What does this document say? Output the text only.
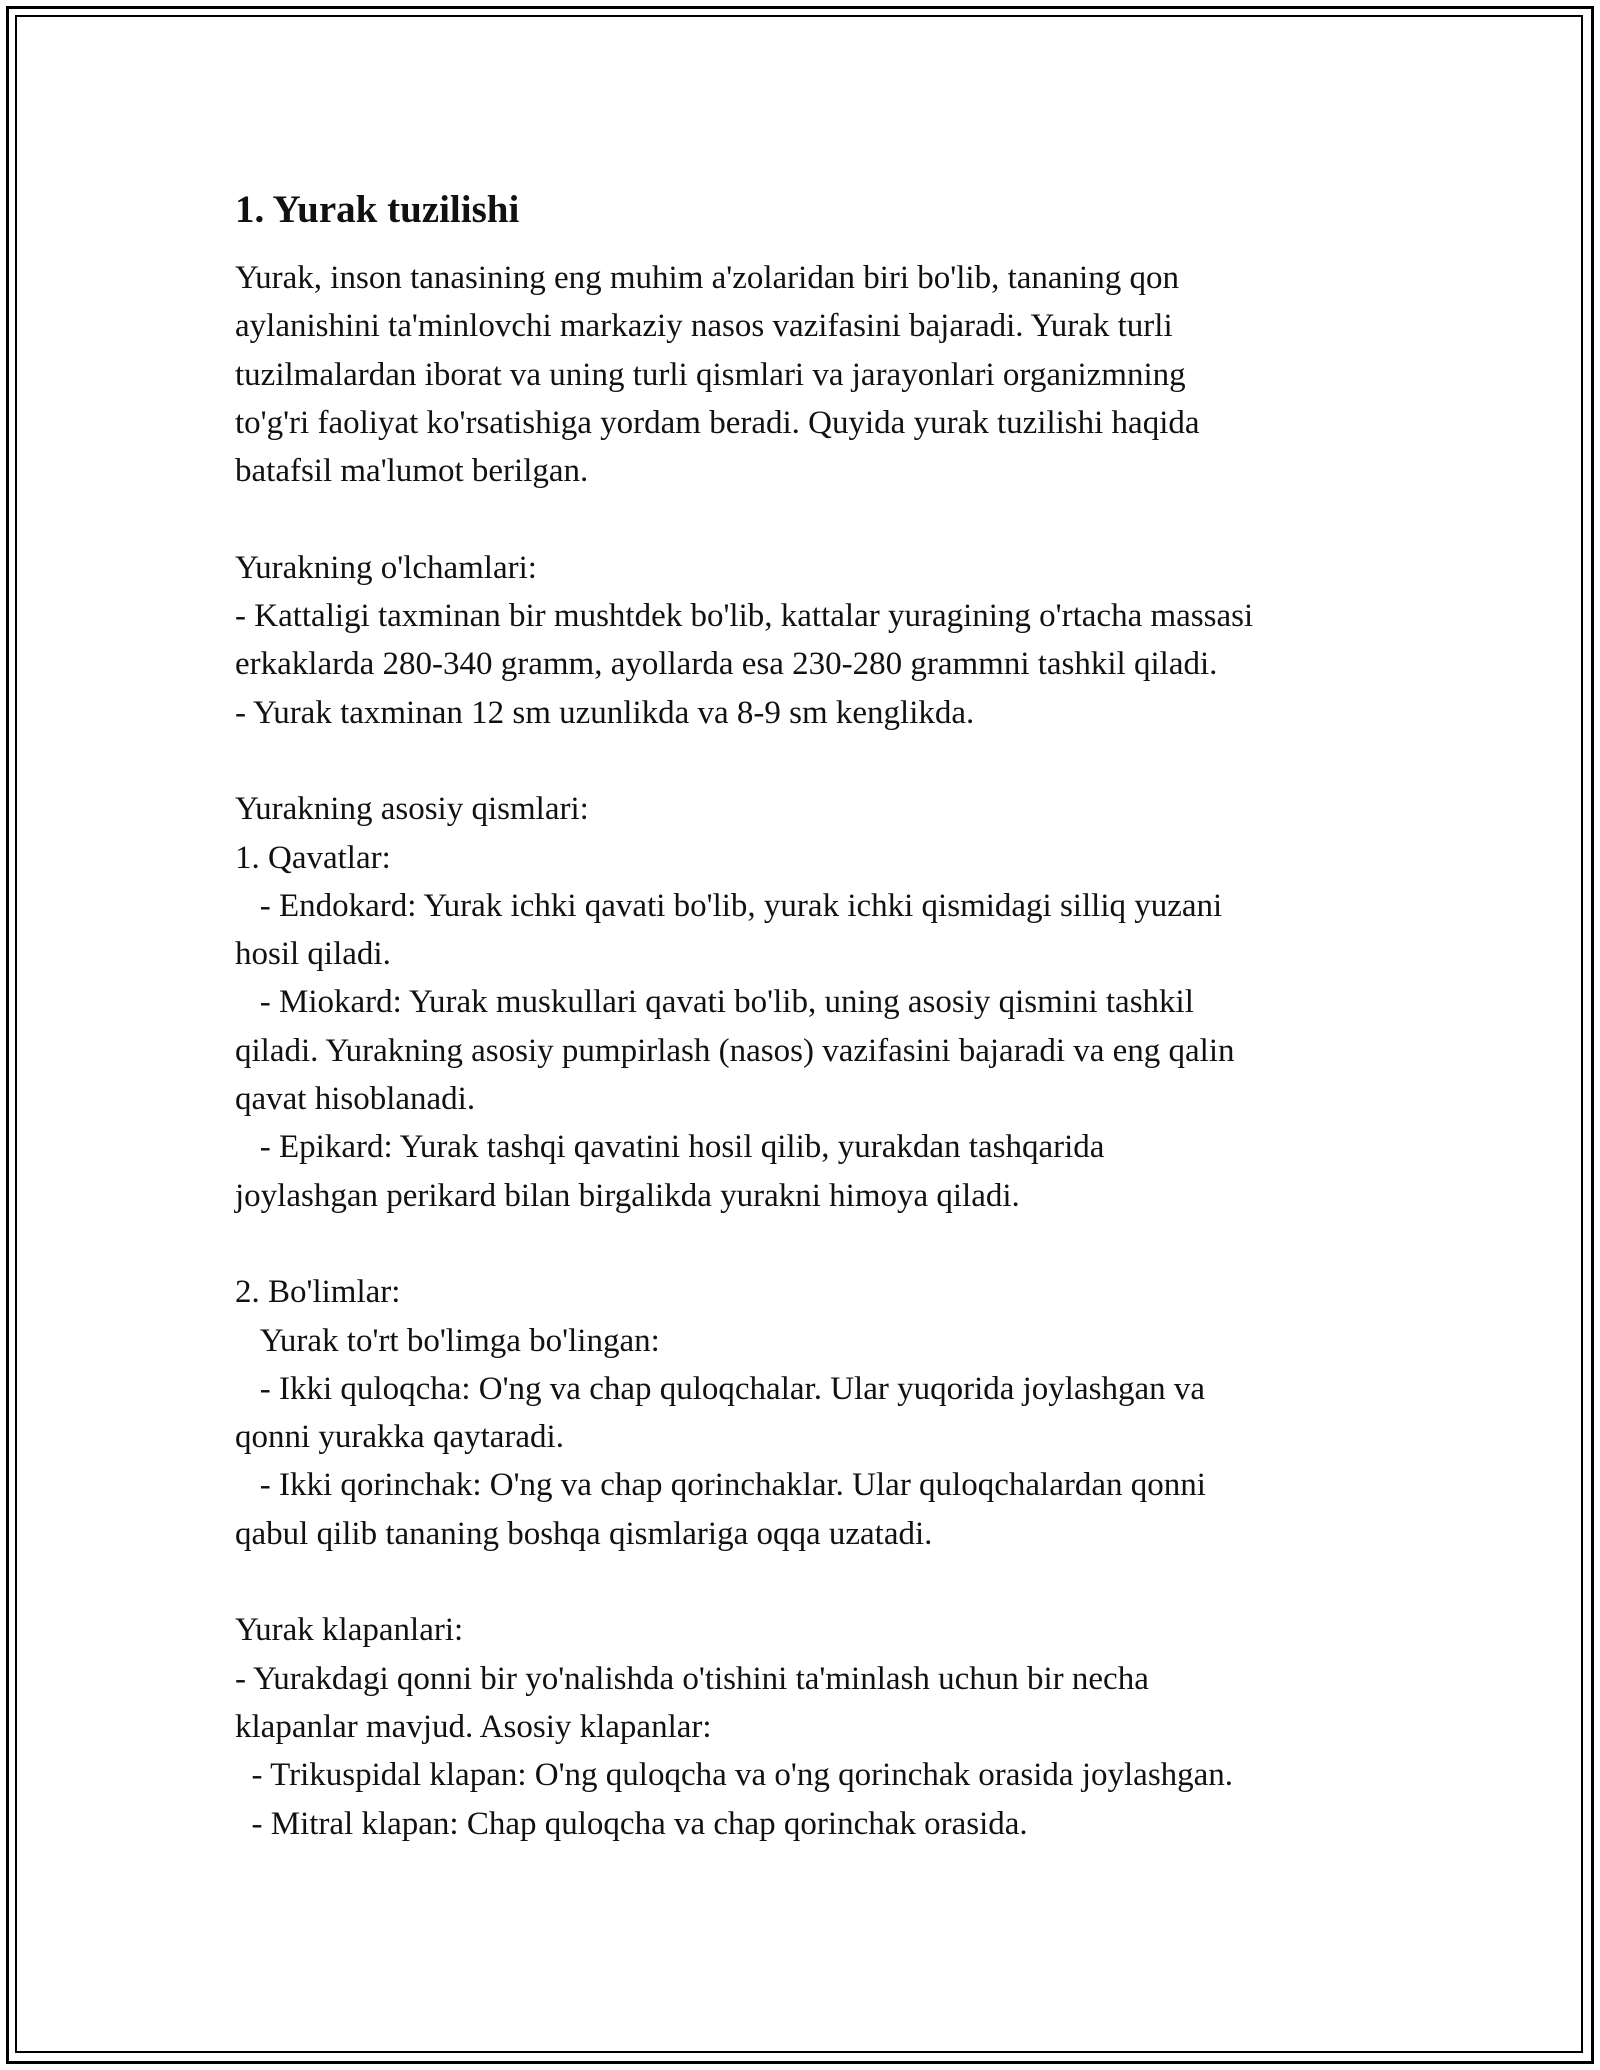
1. Yurak tuzilishi
Yurak, inson tanasining eng muhim a'zolaridan biri bo'lib, tananing qon
aylanishini ta'minlovchi markaziy nasos vazifasini bajaradi. Yurak turli
tuzilmalardan iborat va uning turli qismlari va jarayonlari organizmning
to'g'ri faoliyat ko'rsatishiga yordam beradi. Quyida yurak tuzilishi haqida
batafsil ma'lumot berilgan.

Yurakning o'lchamlari:
- Kattaligi taxminan bir mushtdek bo'lib, kattalar yuragining o'rtacha massasi
erkaklarda 280-340 gramm, ayollarda esa 230-280 grammni tashkil qiladi.
- Yurak taxminan 12 sm uzunlikda va 8-9 sm kenglikda.

Yurakning asosiy qismlari:
1. Qavatlar:
- Endokard: Yurak ichki qavati bo'lib, yurak ichki qismidagi silliq yuzani
hosil qiladi.
- Miokard: Yurak muskullari qavati bo'lib, uning asosiy qismini tashkil
qiladi. Yurakning asosiy pumpirlash (nasos) vazifasini bajaradi va eng qalin
qavat hisoblanadi.
- Epikard: Yurak tashqi qavatini hosil qilib, yurakdan tashqarida
joylashgan perikard bilan birgalikda yurakni himoya qiladi.

2. Bo'limlar:
Yurak to'rt bo'limga bo'lingan:
- Ikki quloqcha: O'ng va chap quloqchalar. Ular yuqorida joylashgan va
qonni yurakka qaytaradi.
- Ikki qorinchak: O'ng va chap qorinchaklar. Ular quloqchalardan qonni
qabul qilib tananing boshqa qismlariga oqqa uzatadi.

Yurak klapanlari:
- Yurakdagi qonni bir yo'nalishda o'tishini ta'minlash uchun bir necha
klapanlar mavjud. Asosiy klapanlar:
- Trikuspidal klapan: O'ng quloqcha va o'ng qorinchak orasida joylashgan.
- Mitral klapan: Chap quloqcha va chap qorinchak orasida.
